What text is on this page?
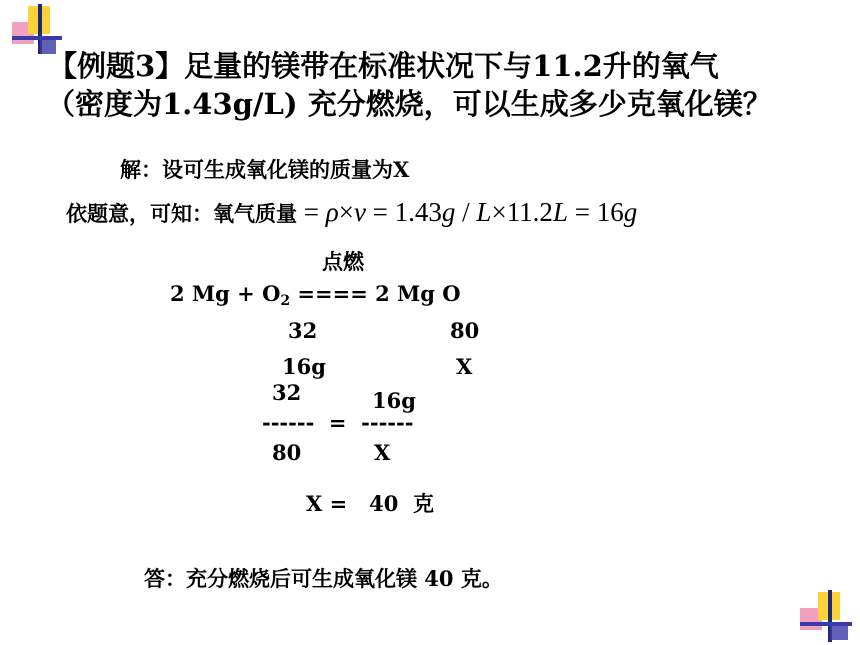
【例题3】足量的镁带在标准状况下与11.2升的氧气
（密度为1.43g/L) 充分燃烧，可以生成多少克氧化镁？
解：设可生成氧化镁的质量为X
依题意，可知：氧气质量 = ρ×ν = 1.43g / L×11.2L = 16g
点燃
2 $Mg + O_2$ ==== 2 Mg O
32	80
16g	X
32	16g
------  =  ------
80	X
X =   40  克
答：充分燃烧后可生成氧化镁 40 克。
